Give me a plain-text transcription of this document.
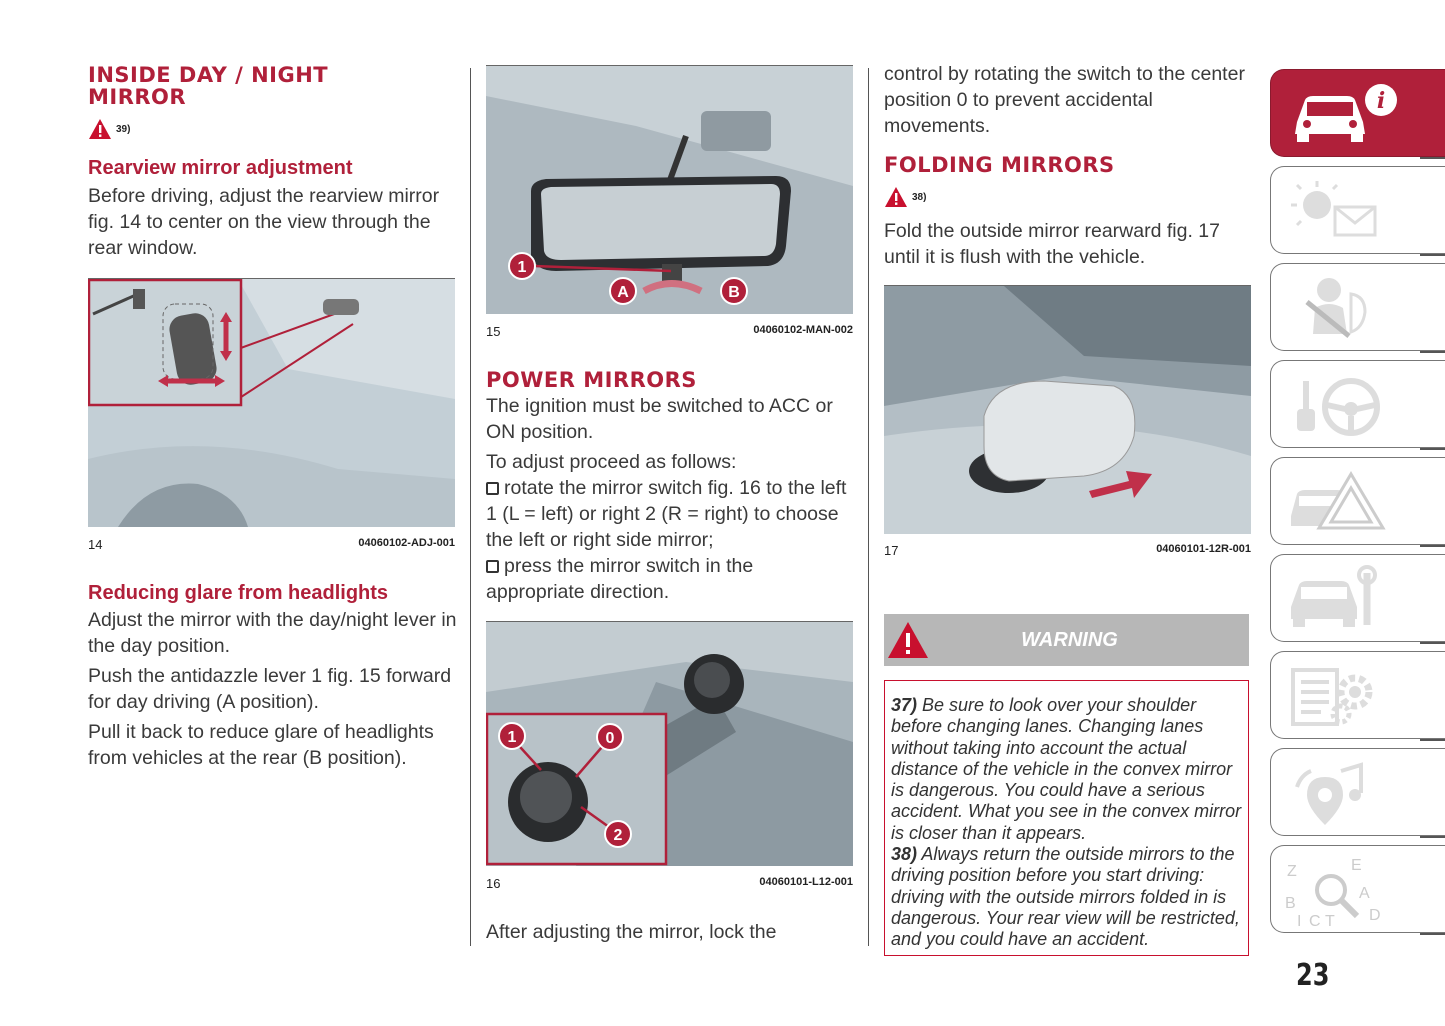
INSIDE DAY / NIGHT
MIRROR
39)
Rearview mirror adjustment

Before driving, adjust the rearview mirror fig. 14 to center on the view through the rear window.

14	04060102-ADJ-001
Reducing glare from headlights

Adjust the mirror with the day/night lever in the day position.

Push the antidazzle lever 1 fig. 15 forward for day driving (A position).

Pull it back to reduce glare of headlights from vehicles at the rear (B position).

1
A	B
15	04060102-MAN-002
POWER MIRRORS

The ignition must be switched to ACC or ON position.

To adjust proceed as follows:

rotate the mirror switch fig. 16 to the left 1 (L = left) or right 2 (R = right) to choose the left or right side mirror;

press the mirror switch in the appropriate direction.

1	0
2
16	04060101-L12-001

After adjusting the mirror, lock the

control by rotating the switch to the center position 0 to prevent accidental movements.

FOLDING MIRRORS
38)

Fold the outside mirror rearward fig. 17 until it is flush with the vehicle.

17	04060101-12R-001
WARNING
37) Be sure to look over your shoulder before changing lanes. Changing lanes without taking into account the actual distance of the vehicle in the convex mirror is dangerous. You could have a serious accident. What you see in the convex mirror is closer than it appears.
38) Always return the outside mirrors to the driving position before you start driving: driving with the outside mirrors folded in is dangerous. Your rear view will be restricted, and you could have an accident.
i
Z	E
A
B
I C T D
23
